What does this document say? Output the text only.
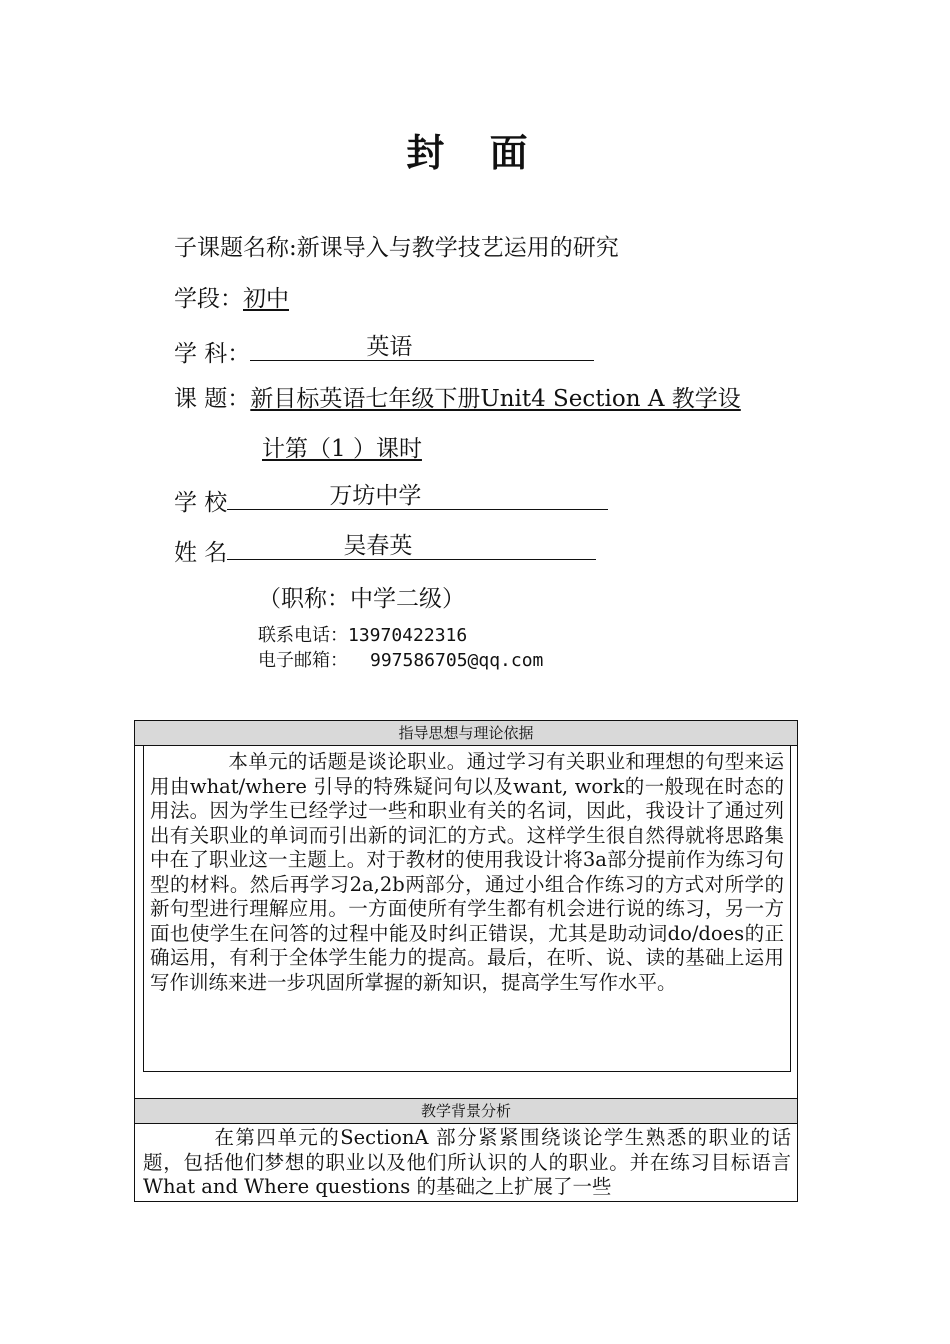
封 面
子课题名称:新课导入与教学技艺运用的研究
学段：初中
学 科：	英语
课 题：新目标英语七年级下册Unit4 Section A 教学设
计第（1 ）课时
学 校	万坊中学
姓 名	吴春英
（职称：中学二级）
联系电话：13970422316
电子邮箱： 997586705@qq.com
指导思想与理论依据
本单元的话题是谈论职业。通过学习有关职业和理想的句型来运用由what/where 引导的特殊疑问句以及want, work的一般现在时态的用法。因为学生已经学过一些和职业有关的名词，因此，我设计了通过列出有关职业的单词而引出新的词汇的方式。这样学生很自然得就将思路集中在了职业这一主题上。对于教材的使用我设计将3a部分提前作为练习句型的材料。然后再学习2a,2b两部分，通过小组合作练习的方式对所学的新句型进行理解应用。一方面使所有学生都有机会进行说的练习，另一方面也使学生在问答的过程中能及时纠正错误，尤其是助动词do/does的正确运用，有利于全体学生能力的提高。最后，在听、说、读的基础上运用写作训练来进一步巩固所掌握的新知识，提高学生写作水平。
教学背景分析
在第四单元的SectionA 部分紧紧围绕谈论学生熟悉的职业的话题，包括他们梦想的职业以及他们所认识的人的职业。并在练习目标语言 What and Where questions 的基础之上扩展了一些
